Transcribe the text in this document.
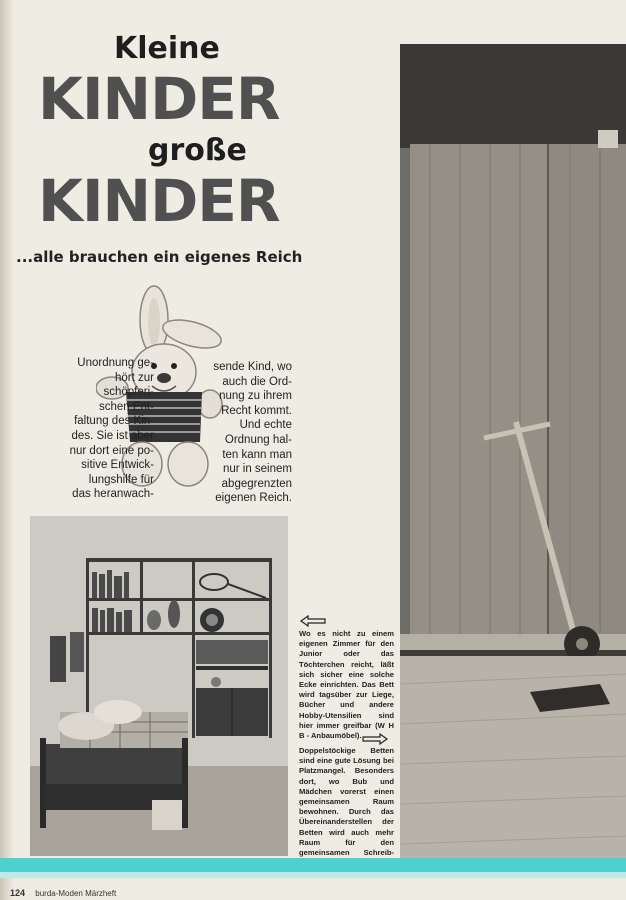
Kleine
KINDER
große
KINDER
...alle brauchen ein eigenes Reich
Unordnung ge-
hört zur
schöpferi-
schen Ent-
faltung des Kin-
des. Sie ist aber
nur dort eine po-
sitive Entwick-
lungshilfe für
das heranwach-
sende Kind, wo
auch die Ord-
nung zu ihrem
Recht kommt.
Und echte
Ordnung hal-
ten kann man
nur in seinem
abgegrenzten
eigenen Reich.
Wo es nicht zu einem eigenen Zimmer für den Junior oder das Töchterchen reicht, läßt sich sicher eine solche Ecke einrichten. Das Bett wird tagsüber zur Liege, Bücher und andere Hobby-Utensilien sind hier immer greifbar (W H B - Anbaumöbel).
Doppelstöckige Betten sind eine gute Lösung bei Platzmangel. Besonders dort, wo Bub und Mädchen vorerst einen gemeinsamen Raum bewohnen. Durch das Übereinanderstellen der Betten wird auch mehr Raum für den gemeinsamen Schreib-
124 burda-Moden Märzheft
